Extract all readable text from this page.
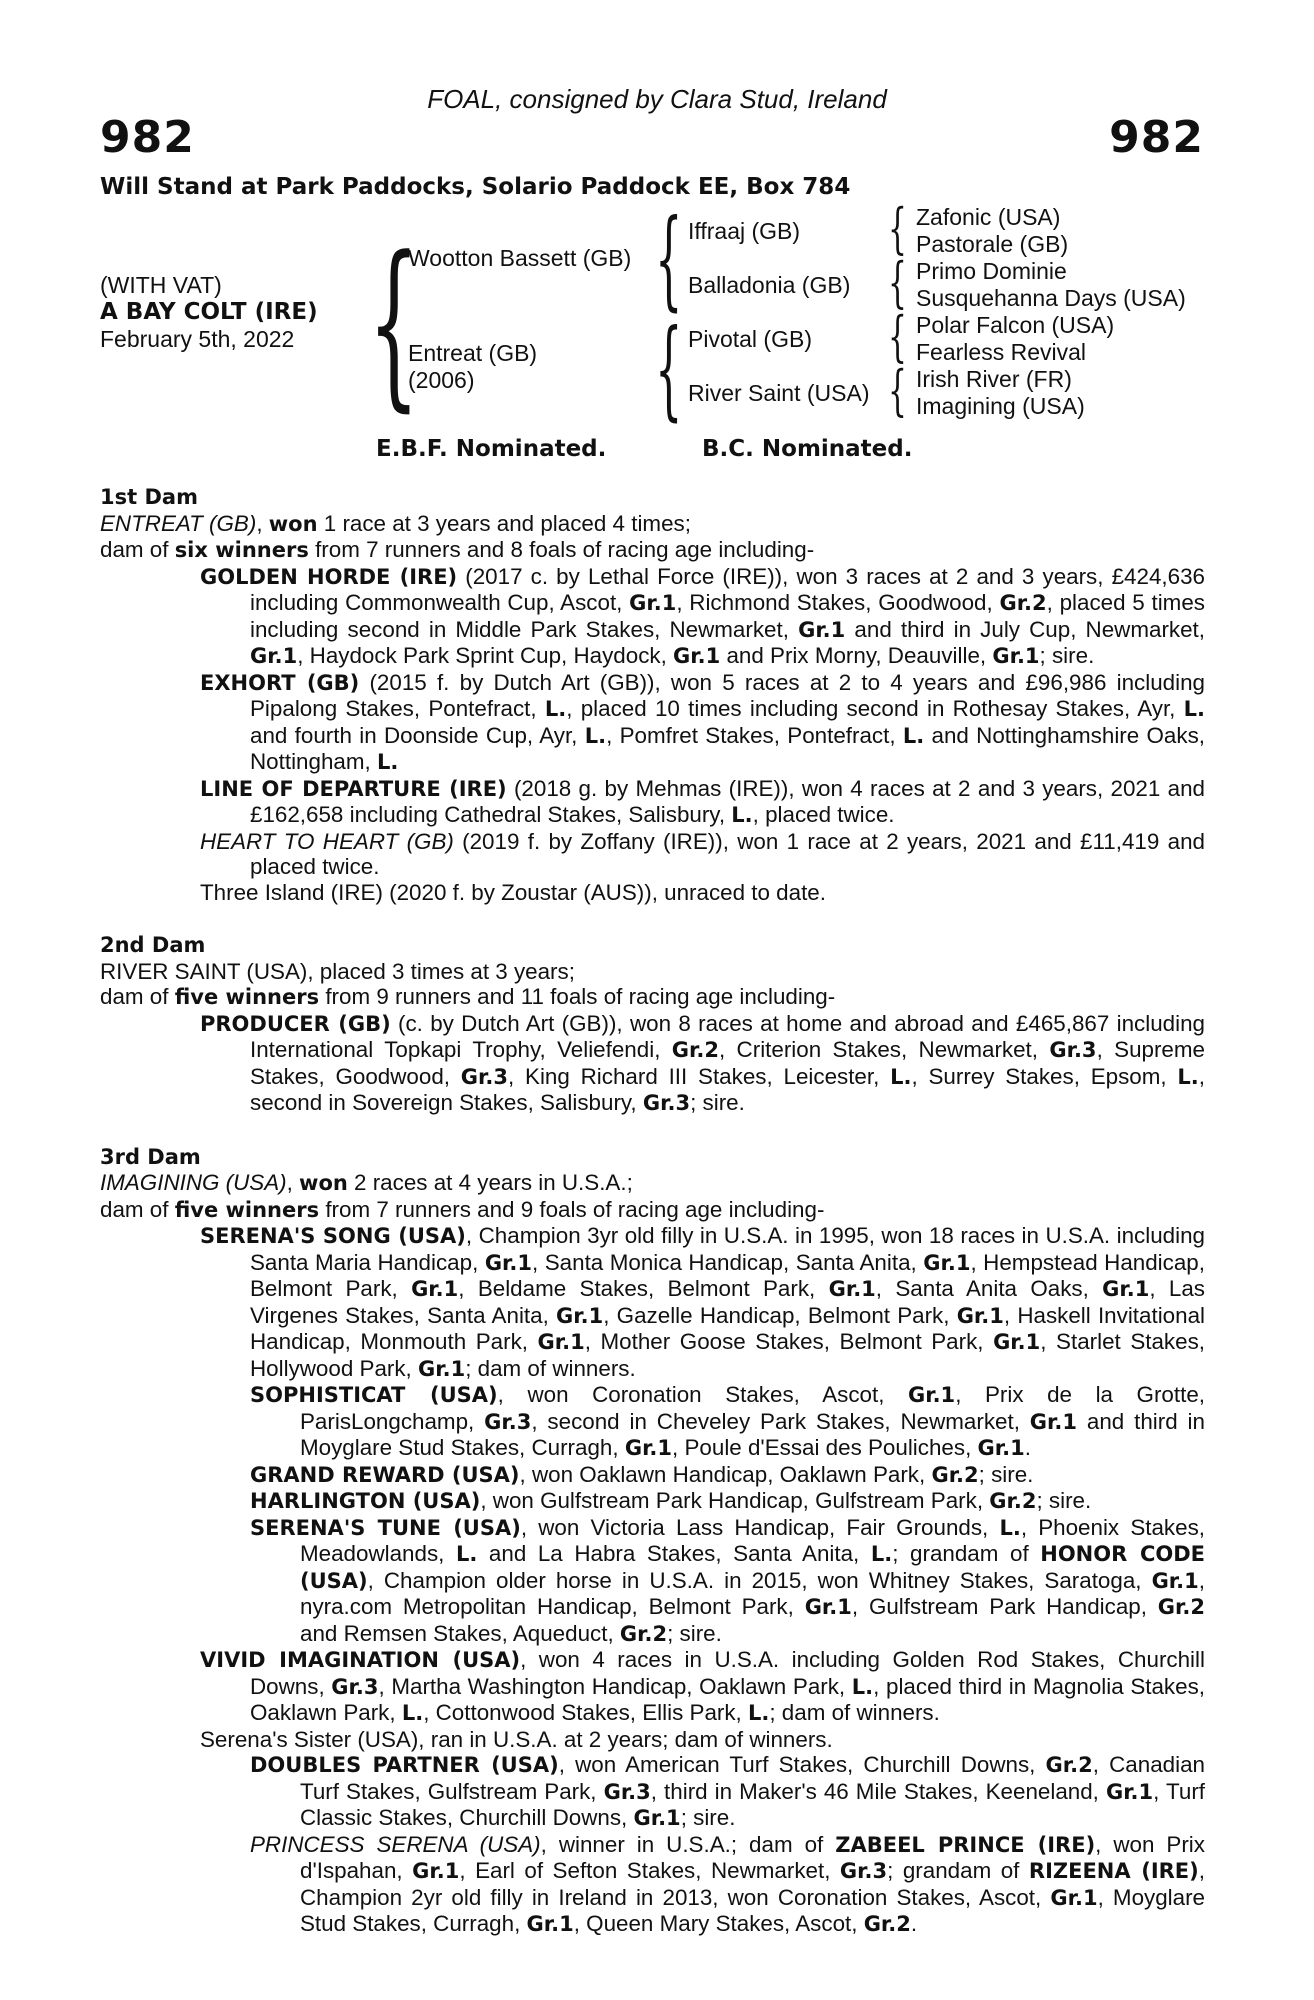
FOAL, consigned by Clara Stud, Ireland
982	982
Will Stand at Park Paddocks, Solario Paddock EE, Box 784
(WITH VAT)
A BAY COLT (IRE)
February 5th, 2022 { {
{
{
{
{
{
Wootton Bassett (GB)
Entreat (GB)
(2006)
Iffraaj (GB)
Balladonia (GB)
Pivotal (GB)
River Saint (USA)
Zafonic (USA)
Pastorale (GB)
Primo Dominie
Susquehanna Days (USA)
Polar Falcon (USA)
Fearless Revival
Irish River (FR)
Imagining (USA)
E.B.F. Nominated.	B.C. Nominated.

1st Dam

ENTREAT (GB), won 1 race at 3 years and placed 4 times;

dam of six winners from 7 runners and 8 foals of racing age including-

GOLDEN HORDE (IRE) (2017 c. by Lethal Force (IRE)), won 3 races at 2 and 3 years, £424,636 including Commonwealth Cup, Ascot, Gr.1, Richmond Stakes, Goodwood, Gr.2, placed 5 times including second in Middle Park Stakes, Newmarket, Gr.1 and third in July Cup, Newmarket, Gr.1, Haydock Park Sprint Cup, Haydock, Gr.1 and Prix Morny, Deauville, Gr.1; sire.

EXHORT (GB) (2015 f. by Dutch Art (GB)), won 5 races at 2 to 4 years and £96,986 including Pipalong Stakes, Pontefract, L., placed 10 times including second in Rothesay Stakes, Ayr, L. and fourth in Doonside Cup, Ayr, L., Pomfret Stakes, Pontefract, L. and Nottinghamshire Oaks, Nottingham, L.

LINE OF DEPARTURE (IRE) (2018 g. by Mehmas (IRE)), won 4 races at 2 and 3 years, 2021 and £162,658 including Cathedral Stakes, Salisbury, L., placed twice.

HEART TO HEART (GB) (2019 f. by Zoffany (IRE)), won 1 race at 2 years, 2021 and £11,419 and placed twice.

Three Island (IRE) (2020 f. by Zoustar (AUS)), unraced to date.

2nd Dam

RIVER SAINT (USA), placed 3 times at 3 years;

dam of five winners from 9 runners and 11 foals of racing age including-

PRODUCER (GB) (c. by Dutch Art (GB)), won 8 races at home and abroad and £465,867 including International Topkapi Trophy, Veliefendi, Gr.2, Criterion Stakes, Newmarket, Gr.3, Supreme Stakes, Goodwood, Gr.3, King Richard III Stakes, Leicester, L., Surrey Stakes, Epsom, L., second in Sovereign Stakes, Salisbury, Gr.3; sire.

3rd Dam

IMAGINING (USA), won 2 races at 4 years in U.S.A.;

dam of five winners from 7 runners and 9 foals of racing age including-

SERENA'S SONG (USA), Champion 3yr old filly in U.S.A. in 1995, won 18 races in U.S.A. including Santa Maria Handicap, Gr.1, Santa Monica Handicap, Santa Anita, Gr.1, Hempstead Handicap, Belmont Park, Gr.1, Beldame Stakes, Belmont Park, Gr.1, Santa Anita Oaks, Gr.1, Las Virgenes Stakes, Santa Anita, Gr.1, Gazelle Handicap, Belmont Park, Gr.1, Haskell Invitational Handicap, Monmouth Park, Gr.1, Mother Goose Stakes, Belmont Park, Gr.1, Starlet Stakes, Hollywood Park, Gr.1; dam of winners.

SOPHISTICAT (USA), won Coronation Stakes, Ascot, Gr.1, Prix de la Grotte, ParisLongchamp, Gr.3, second in Cheveley Park Stakes, Newmarket, Gr.1 and third in Moyglare Stud Stakes, Curragh, Gr.1, Poule d'Essai des Pouliches, Gr.1.

GRAND REWARD (USA), won Oaklawn Handicap, Oaklawn Park, Gr.2; sire.

HARLINGTON (USA), won Gulfstream Park Handicap, Gulfstream Park, Gr.2; sire.

SERENA'S TUNE (USA), won Victoria Lass Handicap, Fair Grounds, L., Phoenix Stakes, Meadowlands, L. and La Habra Stakes, Santa Anita, L.; grandam of HONOR CODE (USA), Champion older horse in U.S.A. in 2015, won Whitney Stakes, Saratoga, Gr.1, nyra.com Metropolitan Handicap, Belmont Park, Gr.1, Gulfstream Park Handicap, Gr.2 and Remsen Stakes, Aqueduct, Gr.2; sire.

VIVID IMAGINATION (USA), won 4 races in U.S.A. including Golden Rod Stakes, Churchill Downs, Gr.3, Martha Washington Handicap, Oaklawn Park, L., placed third in Magnolia Stakes, Oaklawn Park, L., Cottonwood Stakes, Ellis Park, L.; dam of winners.

Serena's Sister (USA), ran in U.S.A. at 2 years; dam of winners.

DOUBLES PARTNER (USA), won American Turf Stakes, Churchill Downs, Gr.2, Canadian Turf Stakes, Gulfstream Park, Gr.3, third in Maker's 46 Mile Stakes, Keeneland, Gr.1, Turf Classic Stakes, Churchill Downs, Gr.1; sire.

PRINCESS SERENA (USA), winner in U.S.A.; dam of ZABEEL PRINCE (IRE), won Prix d'Ispahan, Gr.1, Earl of Sefton Stakes, Newmarket, Gr.3; grandam of RIZEENA (IRE), Champion 2yr old filly in Ireland in 2013, won Coronation Stakes, Ascot, Gr.1, Moyglare Stud Stakes, Curragh, Gr.1, Queen Mary Stakes, Ascot, Gr.2.
